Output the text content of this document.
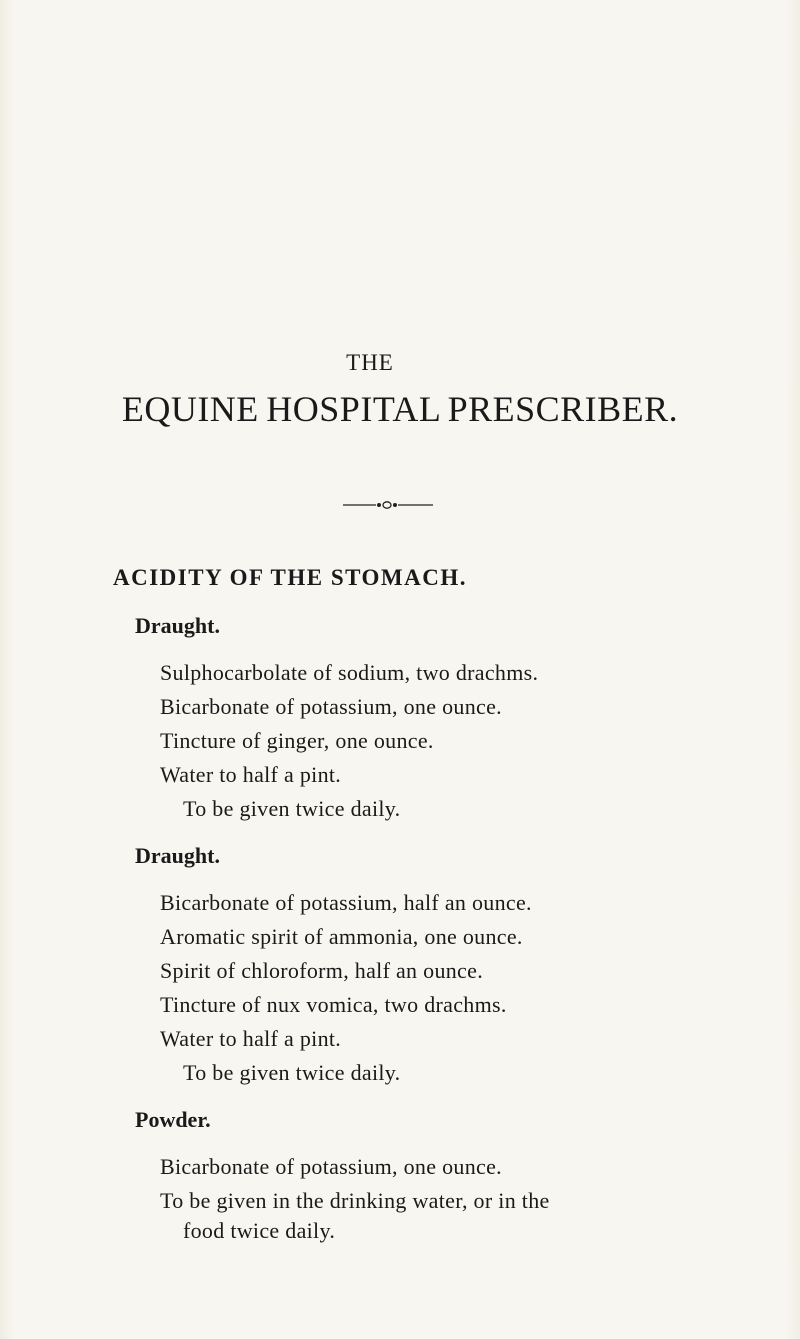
THE
EQUINE HOSPITAL PRESCRIBER.
ACIDITY OF THE STOMACH.
Draught.
Sulphocarbolate of sodium, two drachms.
Bicarbonate of potassium, one ounce.
Tincture of ginger, one ounce.
Water to half a pint.
To be given twice daily.
Draught.
Bicarbonate of potassium, half an ounce.
Aromatic spirit of ammonia, one ounce.
Spirit of chloroform, half an ounce.
Tincture of nux vomica, two drachms.
Water to half a pint.
To be given twice daily.
Powder.
Bicarbonate of potassium, one ounce.
To be given in the drinking water, or in the
food twice daily.
